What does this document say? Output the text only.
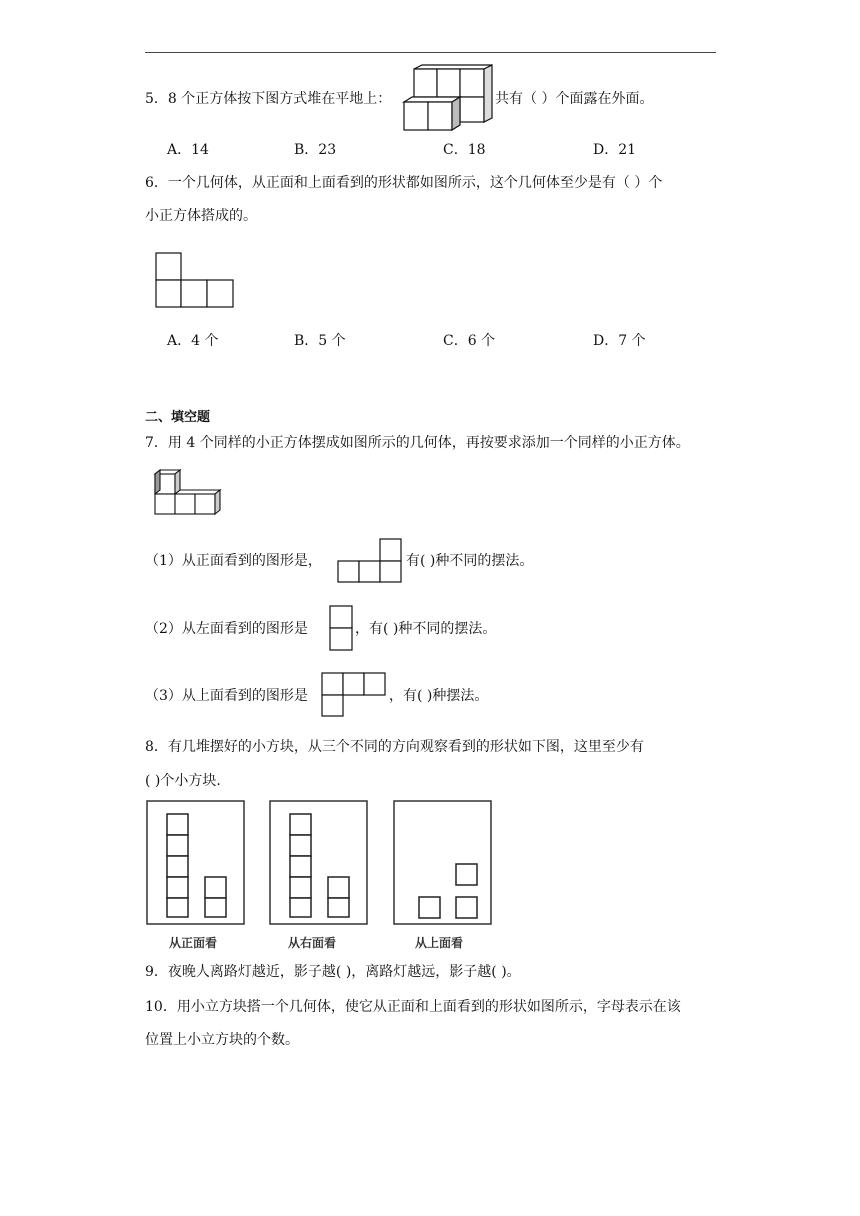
5．8 个正方体按下图方式堆在平地上：	共有（ ）个面露在外面。
A．14	B．23	C．18	D．21
6．一个几何体，从正面和上面看到的形状都如图所示，这个几何体至少是有（ ）个
小正方体搭成的。
A．4 个	B．5 个	C．6 个	D．7 个
二、填空题
7．用 4 个同样的小正方体摆成如图所示的几何体，再按要求添加一个同样的小正方体。
（1）从正面看到的图形是，	有( )种不同的摆法。
（2）从左面看到的图形是	，有( )种不同的摆法。
（3）从上面看到的图形是	，有( )种摆法。
8．有几堆摆好的小方块，从三个不同的方向观察看到的形状如下图，这里至少有
( )个小方块.
从正面看	从右面看	从上面看
9．夜晚人离路灯越近，影子越( )，离路灯越远，影子越( )。
10．用小立方块搭一个几何体，使它从正面和上面看到的形状如图所示，字母表示在该
位置上小立方块的个数。
